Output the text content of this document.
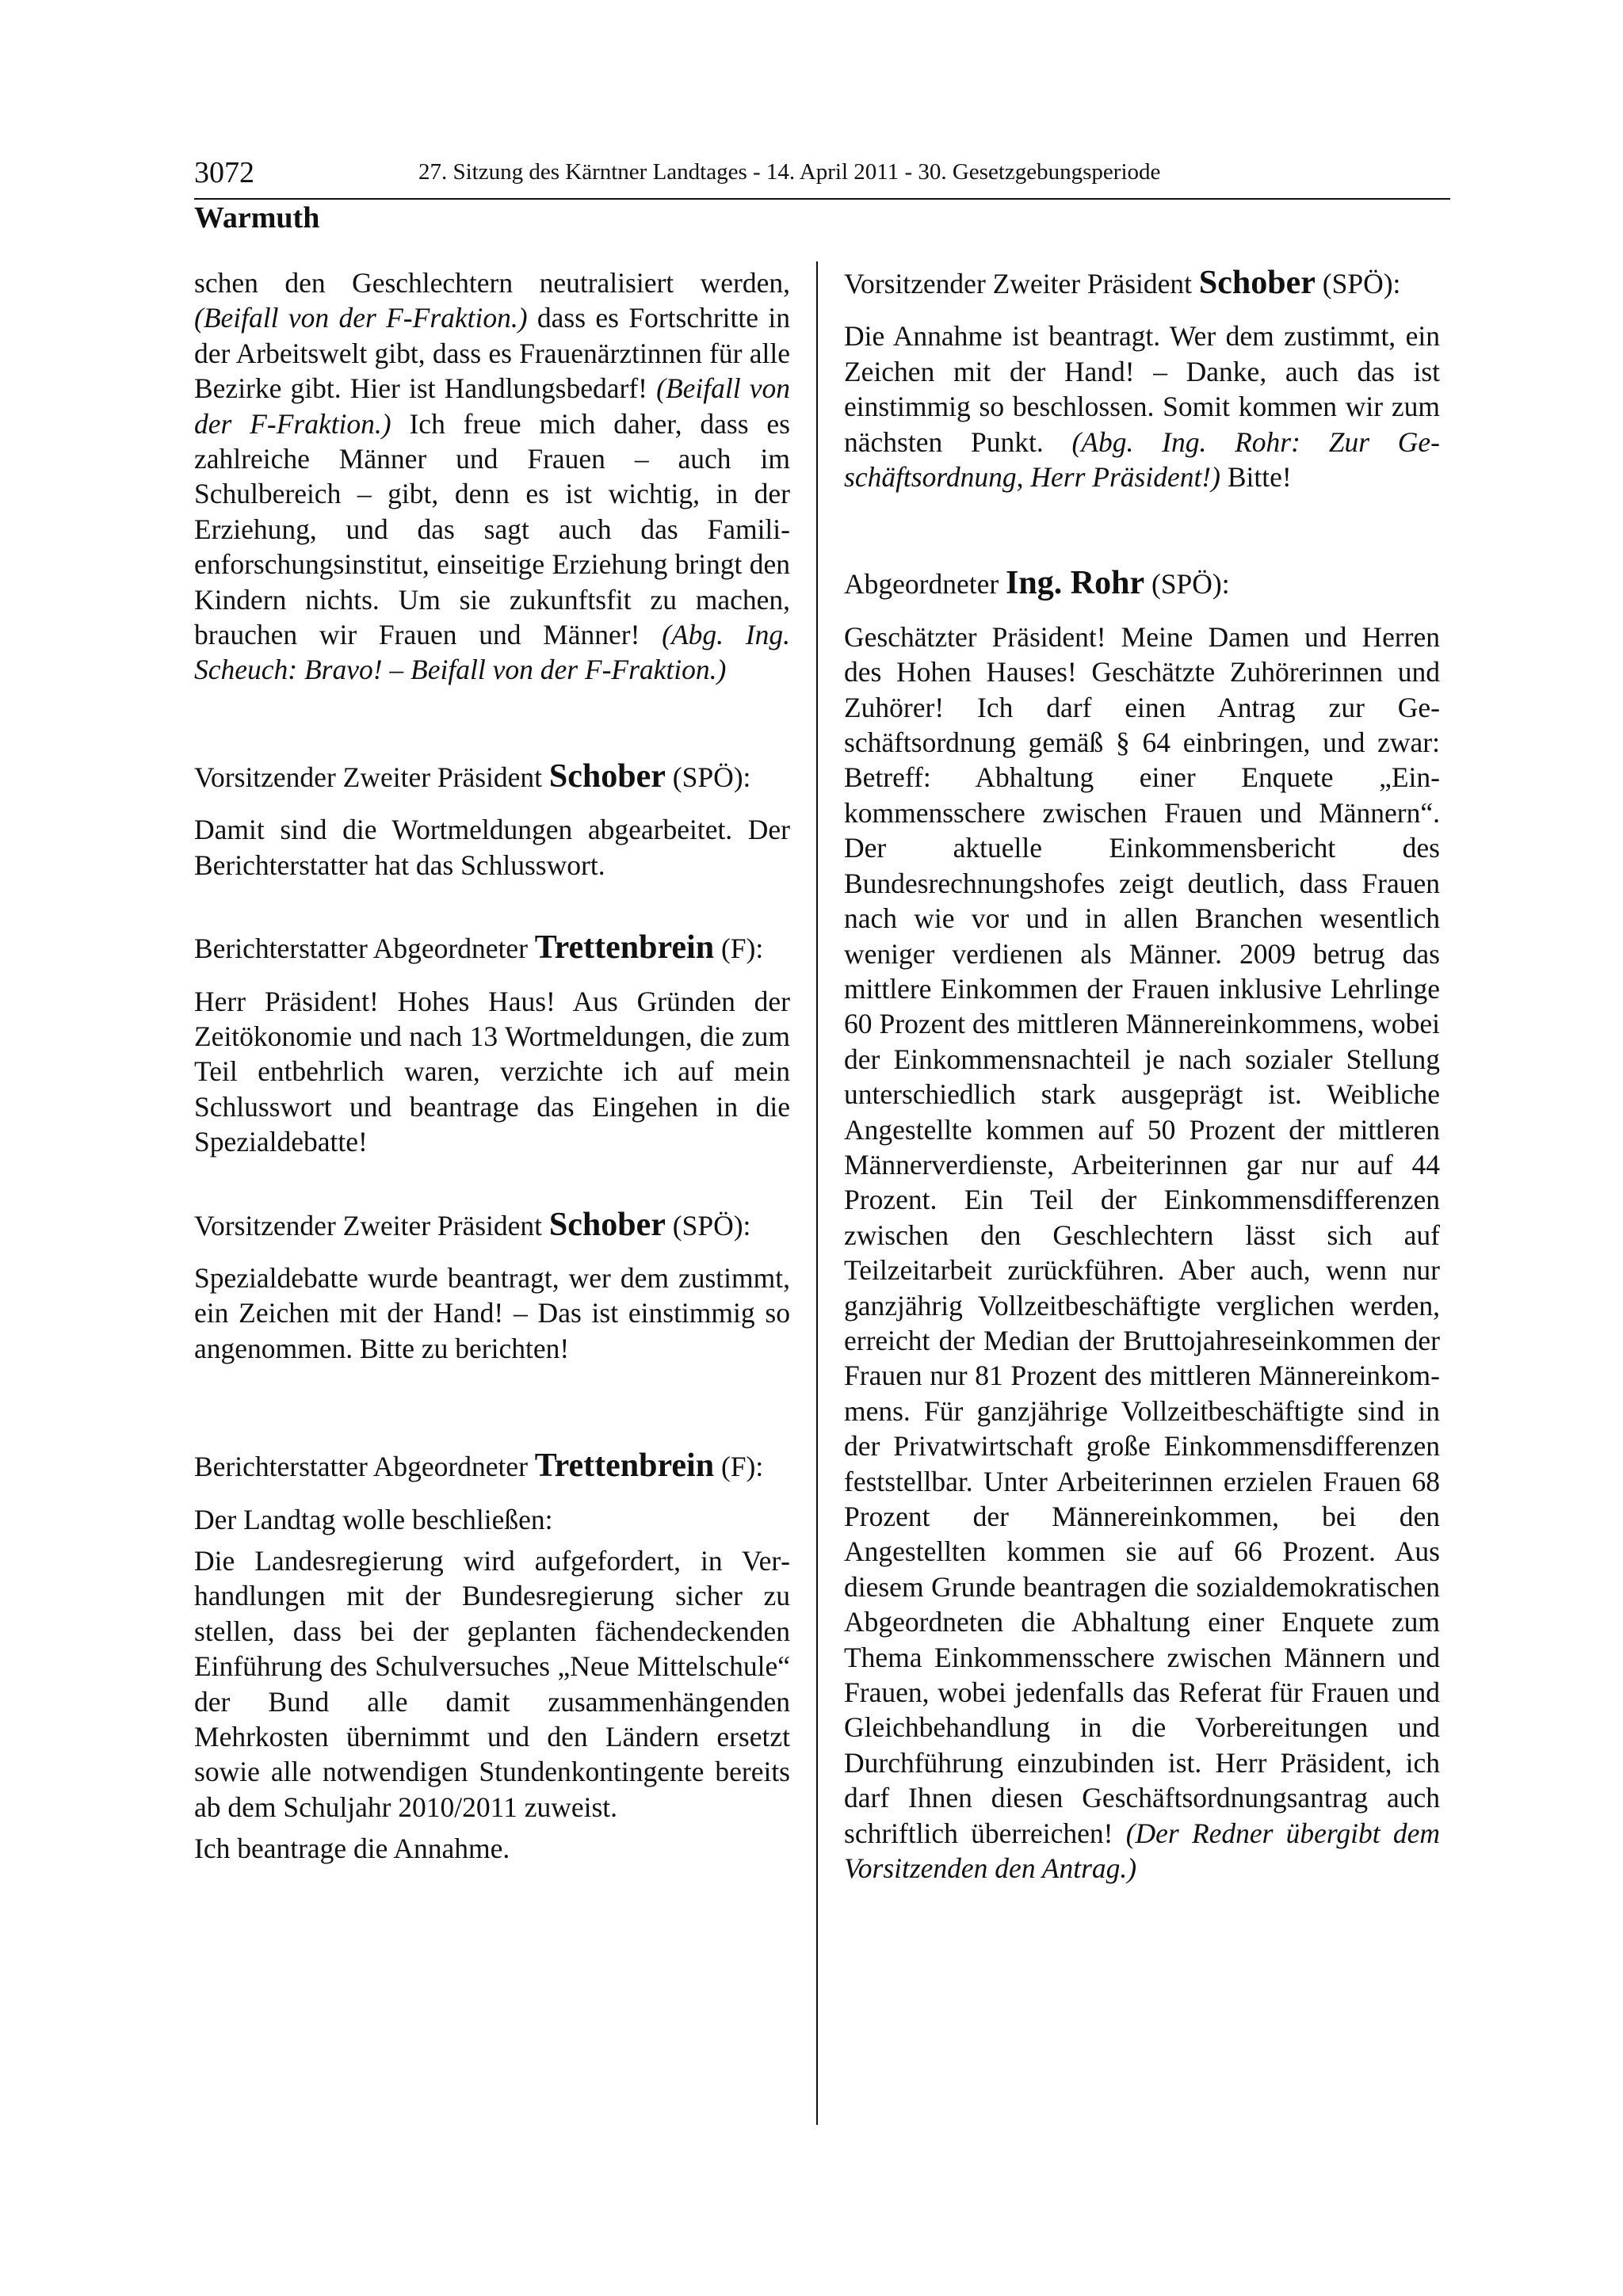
3072	27. Sitzung des Kärntner Landtages - 14. April 2011 - 30. Gesetzgebungsperiode
Warmuth

schen den Geschlechtern neutralisiert werden, (Beifall von der F-Fraktion.) dass es Fortschritte in der Arbeitswelt gibt, dass es Frauenärztinnen für alle Bezirke gibt. Hier ist Handlungsbedarf! (Beifall von der F-Fraktion.) Ich freue mich daher, dass es zahlreiche Männer und Frauen – auch im Schulbereich – gibt, denn es ist wichtig, in der Erziehung, und das sagt auch das Familienforschungsinstitut, einseitige Erziehung bringt den Kindern nichts. Um sie zukunftsfit zu machen, brauchen wir Frauen und Männer! (Abg. Ing. Scheuch: Bravo! – Beifall von der F-Fraktion.)

Vorsitzender Zweiter Präsident Schober (SPÖ):

Damit sind die Wortmeldungen abgearbeitet. Der Berichterstatter hat das Schlusswort.

Berichterstatter Abgeordneter Trettenbrein (F):

Herr Präsident! Hohes Haus! Aus Gründen der Zeitökonomie und nach 13 Wortmeldungen, die zum Teil entbehrlich waren, verzichte ich auf mein Schlusswort und beantrage das Eingehen in die Spezialdebatte!

Vorsitzender Zweiter Präsident Schober (SPÖ):

Spezialdebatte wurde beantragt, wer dem zustimmt, ein Zeichen mit der Hand! – Das ist einstimmig so angenommen. Bitte zu berichten!

Berichterstatter Abgeordneter Trettenbrein (F):

Der Landtag wolle beschließen:

Die Landesregierung wird aufgefordert, in Verhandlungen mit der Bundesregierung sicher zu stellen, dass bei der geplanten fächendeckenden Einführung des Schulversuches „Neue Mittelschule“ der Bund alle damit zusammenhängenden Mehrkosten übernimmt und den Ländern ersetzt sowie alle notwendigen Stundenkontingente bereits ab dem Schuljahr 2010/2011 zuweist.

Ich beantrage die Annahme.

Vorsitzender Zweiter Präsident Schober (SPÖ):

Die Annahme ist beantragt. Wer dem zustimmt, ein Zeichen mit der Hand! – Danke, auch das ist einstimmig so beschlossen. Somit kommen wir zum nächsten Punkt. (Abg. Ing. Rohr: Zur Geschäftsordnung, Herr Präsident!) Bitte!

Abgeordneter Ing. Rohr (SPÖ):

Geschätzter Präsident! Meine Damen und Herren des Hohen Hauses! Geschätzte Zuhörerinnen und Zuhörer! Ich darf einen Antrag zur Geschäftsordnung gemäß § 64 einbringen, und zwar: Betreff: Abhaltung einer Enquete „Einkommensschere zwischen Frauen und Männern“. Der aktuelle Einkommensbericht des Bundesrechnungshofes zeigt deutlich, dass Frauen nach wie vor und in allen Branchen wesentlich weniger verdienen als Männer. 2009 betrug das mittlere Einkommen der Frauen inklusive Lehrlinge 60 Prozent des mittleren Männereinkommens, wobei der Einkommensnachteil je nach sozialer Stellung unterschiedlich stark ausgeprägt ist. Weibliche Angestellte kommen auf 50 Prozent der mittleren Männerverdienste, Arbeiterinnen gar nur auf 44 Prozent. Ein Teil der Einkommensdifferenzen zwischen den Geschlechtern lässt sich auf Teilzeitarbeit zurückführen. Aber auch, wenn nur ganzjährig Vollzeitbeschäftigte verglichen werden, erreicht der Median der Bruttojahreseinkommen der Frauen nur 81 Prozent des mittleren Männereinkommens. Für ganzjährige Vollzeitbeschäftigte sind in der Privatwirtschaft große Einkommensdifferenzen feststellbar. Unter Arbeiterinnen erzielen Frauen 68 Prozent der Männereinkommen, bei den Angestellten kommen sie auf 66 Prozent. Aus diesem Grunde beantragen die sozialdemokratischen Abgeordneten die Abhaltung einer Enquete zum Thema Einkommensschere zwischen Männern und Frauen, wobei jedenfalls das Referat für Frauen und Gleichbehandlung in die Vorbereitungen und Durchführung einzubinden ist. Herr Präsident, ich darf Ihnen diesen Geschäftsordnungsantrag auch schriftlich überreichen! (Der Redner übergibt dem Vorsitzenden den Antrag.)
